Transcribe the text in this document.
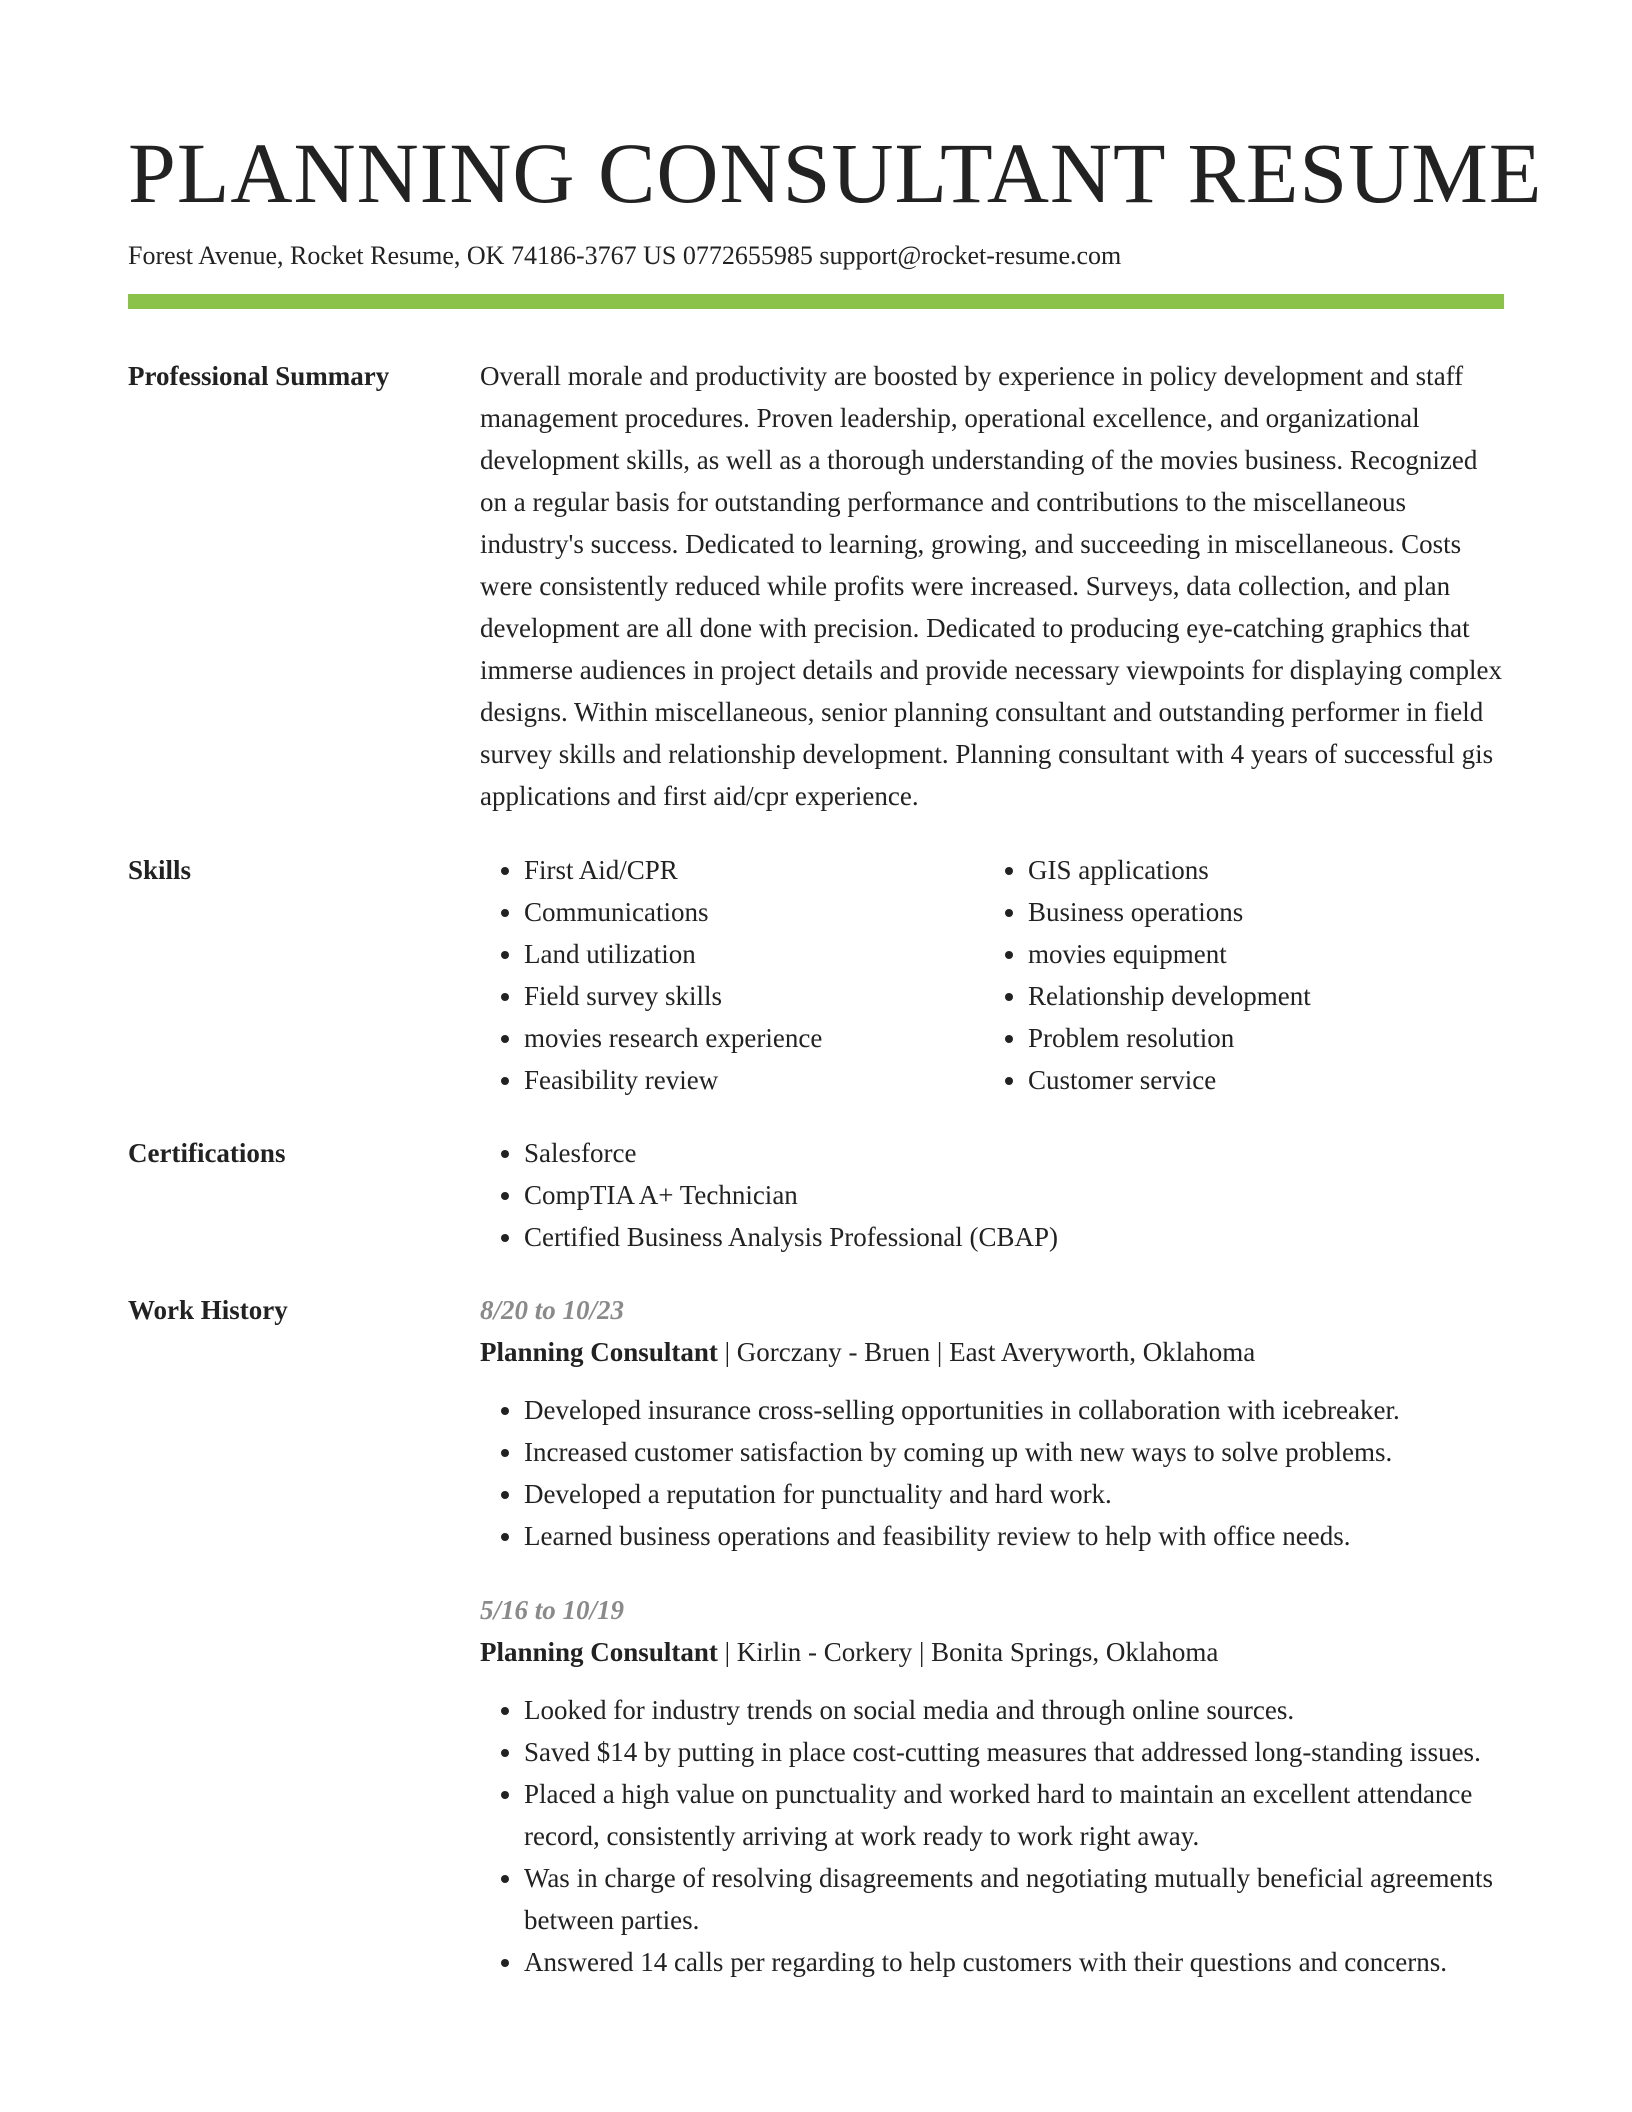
PLANNING CONSULTANT RESUME
Forest Avenue, Rocket Resume, OK 74186-3767 US 0772655985 support@rocket-resume.com
Professional Summary	Overall morale and productivity are boosted by experience in policy development and staff management procedures. Proven leadership, operational excellence, and organizational development skills, as well as a thorough understanding of the movies business. Recognized on a regular basis for outstanding performance and contributions to the miscellaneous industry's success. Dedicated to learning, growing, and succeeding in miscellaneous. Costs were consistently reduced while profits were increased. Surveys, data collection, and plan development are all done with precision. Dedicated to producing eye-catching graphics that immerse audiences in project details and provide necessary viewpoints for displaying complex designs. Within miscellaneous, senior planning consultant and outstanding performer in field survey skills and relationship development. Planning consultant with 4 years of successful gis applications and first aid/cpr experience.

Skills	• First Aid/CPR
• Communications
• Land utilization
• Field survey skills
• movies research experience
• Feasibility review
• GIS applications
• Business operations
• movies equipment
• Relationship development
• Problem resolution
• Customer service
Certifications	• Salesforce
• CompTIA A+ Technician
• Certified Business Analysis Professional (CBAP)
Work History	8/20 to 10/23
Planning Consultant | Gorczany - Bruen | East Averyworth, Oklahoma
• Developed insurance cross-selling opportunities in collaboration with icebreaker.
• Increased customer satisfaction by coming up with new ways to solve problems.
• Developed a reputation for punctuality and hard work.
• Learned business operations and feasibility review to help with office needs.
5/16 to 10/19
Planning Consultant | Kirlin - Corkery | Bonita Springs, Oklahoma
• Looked for industry trends on social media and through online sources.
• Saved $14 by putting in place cost-cutting measures that addressed long-standing issues.
• Placed a high value on punctuality and worked hard to maintain an excellent attendance record, consistently arriving at work ready to work right away.
• Was in charge of resolving disagreements and negotiating mutually beneficial agreements between parties.
• Answered 14 calls per regarding to help customers with their questions and concerns.
